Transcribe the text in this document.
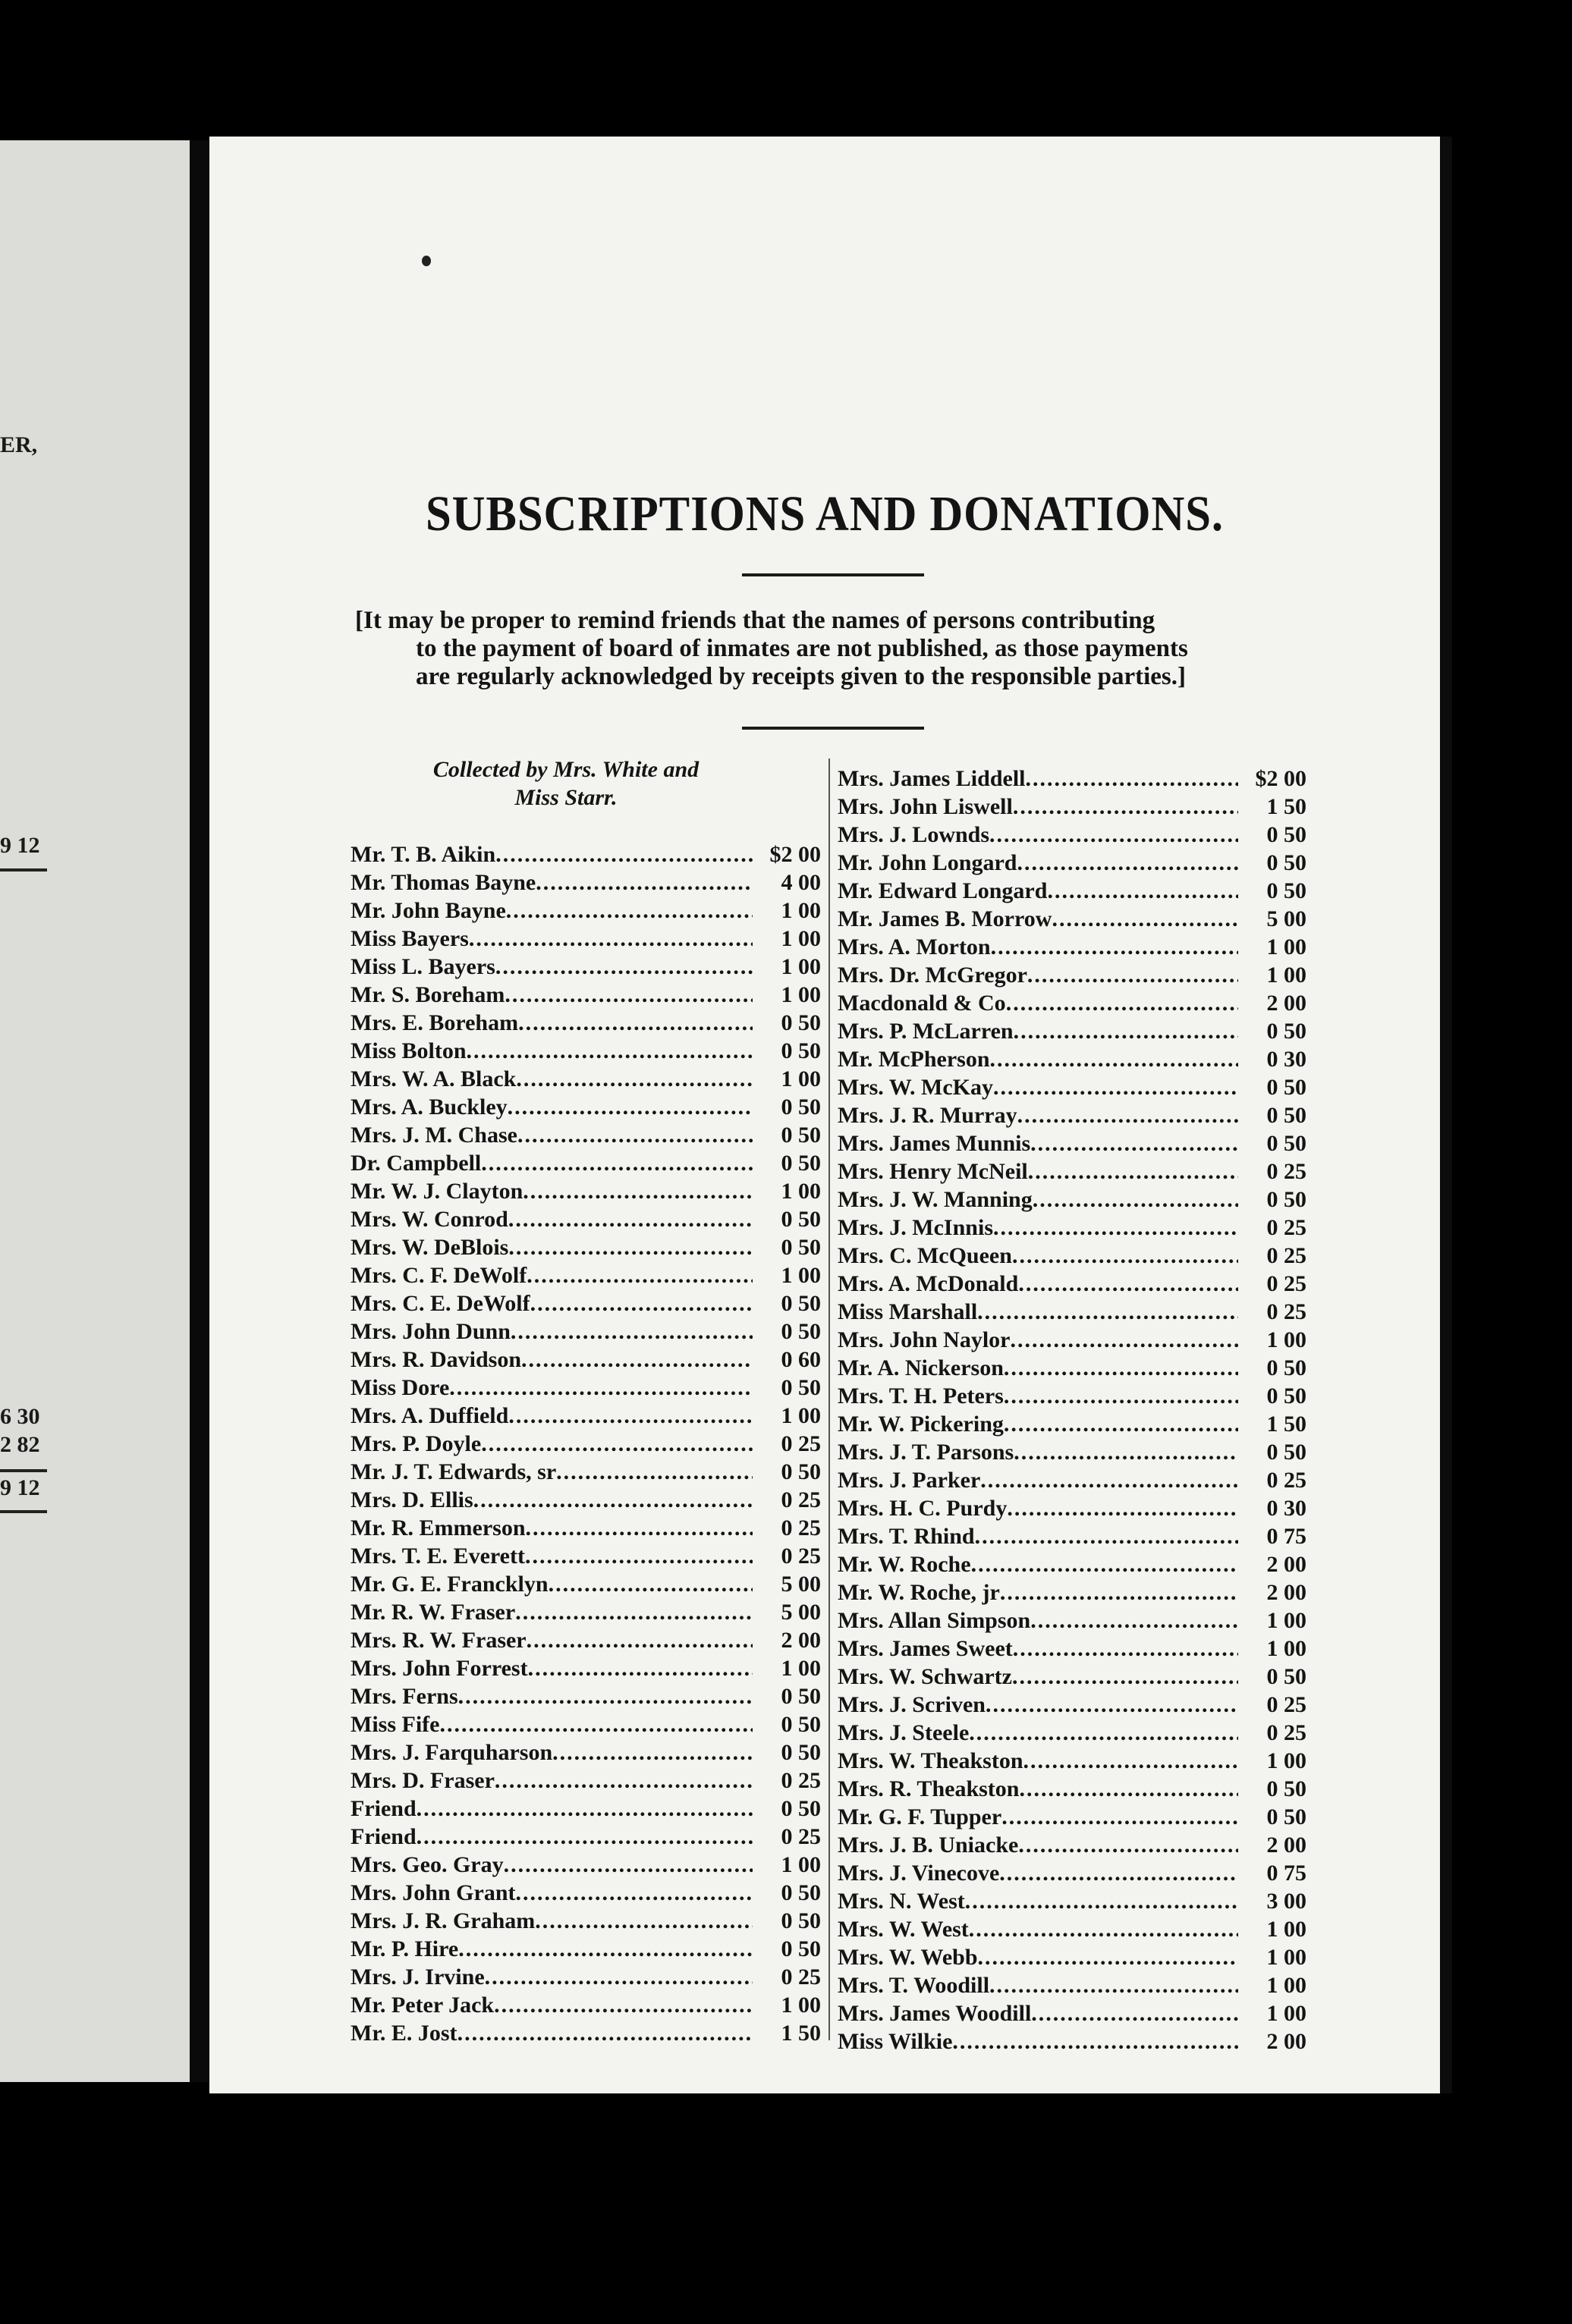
ER,
9 12
6 30
2 82
9 12
SUBSCRIPTIONS AND DONATIONS.
[It may be proper to remind friends that the names of persons contributing
to the payment of board of inmates are not published, as those payments
are regularly acknowledged by receipts given to the responsible parties.]
Collected by Mrs. White and
Miss Starr.
Mr. T. B. Aikin .....	$2 00
Mr. Thomas Bayne .....	4 00
Mr. John Bayne .....	1 00
Miss Bayers .....	1 00
Miss L. Bayers .....	1 00
Mr. S. Boreham .....	1 00
Mrs. E. Boreham .....	0 50
Miss Bolton .....	0 50
Mrs. W. A. Black .....	1 00
Mrs. A. Buckley .....	0 50
Mrs. J. M. Chase .....	0 50
Dr. Campbell .....	0 50
Mr. W. J. Clayton .....	1 00
Mrs. W. Conrod .....	0 50
Mrs. W. DeBlois .....	0 50
Mrs. C. F. DeWolf .....	1 00
Mrs. C. E. DeWolf .....	0 50
Mrs. John Dunn .....	0 50
Mrs. R. Davidson .....	0 60
Miss Dore .....	0 50
Mrs. A. Duffield .....	1 00
Mrs. P. Doyle .....	0 25
Mr. J. T. Edwards, sr .....	0 50
Mrs. D. Ellis .....	0 25
Mr. R. Emmerson .....	0 25
Mrs. T. E. Everett .....	0 25
Mr. G. E. Francklyn .....	5 00
Mr. R. W. Fraser .....	5 00
Mrs. R. W. Fraser .....	2 00
Mrs. John Forrest .....	1 00
Mrs. Ferns .....	0 50
Miss Fife .....	0 50
Mrs. J. Farquharson .....	0 50
Mrs. D. Fraser .....	0 25
Friend .....	0 50
Friend .....	0 25
Mrs. Geo. Gray .....	1 00
Mrs. John Grant .....	0 50
Mrs. J. R. Graham .....	0 50
Mr. P. Hire .....	0 50
Mrs. J. Irvine .....	0 25
Mr. Peter Jack .....	1 00
Mr. E. Jost .....	1 50
Mrs. James Liddell .....	$2 00
Mrs. John Liswell .....	1 50
Mrs. J. Lownds .....	0 50
Mr. John Longard .....	0 50
Mr. Edward Longard .....	0 50
Mr. James B. Morrow .....	5 00
Mrs. A. Morton .....	1 00
Mrs. Dr. McGregor .....	1 00
Macdonald & Co .....	2 00
Mrs. P. McLarren .....	0 50
Mr. McPherson .....	0 30
Mrs. W. McKay .....	0 50
Mrs. J. R. Murray .....	0 50
Mrs. James Munnis .....	0 50
Mrs. Henry McNeil .....	0 25
Mrs. J. W. Manning .....	0 50
Mrs. J. McInnis .....	0 25
Mrs. C. McQueen .....	0 25
Mrs. A. McDonald .....	0 25
Miss Marshall .....	0 25
Mrs. John Naylor .....	1 00
Mr. A. Nickerson .....	0 50
Mrs. T. H. Peters .....	0 50
Mr. W. Pickering .....	1 50
Mrs. J. T. Parsons .....	0 50
Mrs. J. Parker .....	0 25
Mrs. H. C. Purdy .....	0 30
Mrs. T. Rhind .....	0 75
Mr. W. Roche .....	2 00
Mr. W. Roche, jr .....	2 00
Mrs. Allan Simpson .....	1 00
Mrs. James Sweet .....	1 00
Mrs. W. Schwartz .....	0 50
Mrs. J. Scriven .....	0 25
Mrs. J. Steele .....	0 25
Mrs. W. Theakston .....	1 00
Mrs. R. Theakston .....	0 50
Mr. G. F. Tupper .....	0 50
Mrs. J. B. Uniacke .....	2 00
Mrs. J. Vinecove .....	0 75
Mrs. N. West .....	3 00
Mrs. W. West .....	1 00
Mrs. W. Webb .....	1 00
Mrs. T. Woodill .....	1 00
Mrs. James Woodill .....	1 00
Miss Wilkie .....	2 00
